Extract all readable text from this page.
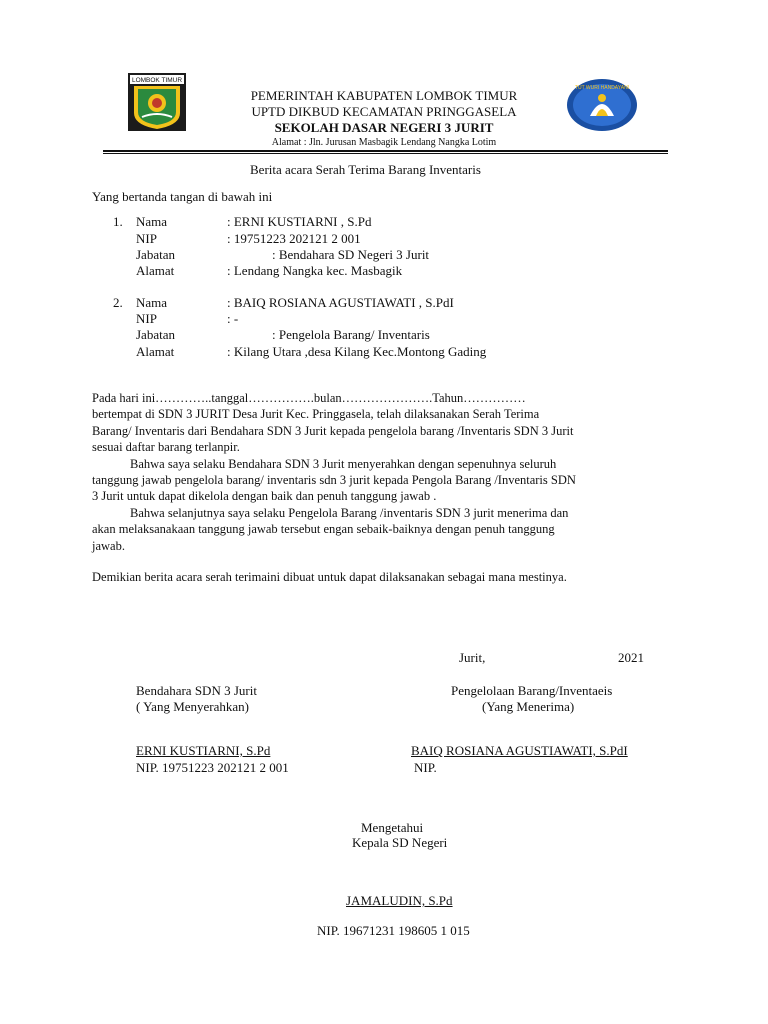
LOMBOK TIMUR
TUT WURI HANDAYANI
PEMERINTAH KABUPATEN LOMBOK TIMUR
UPTD DIKBUD KECAMATAN PRINGGASELA
SEKOLAH DASAR NEGERI 3 JURIT
Alamat : Jln. Jurusan Masbagik Lendang Nangka Lotim
Berita acara Serah Terima Barang Inventaris
Yang bertanda tangan di bawah ini
1. Nama	: ERNI KUSTIARNI , S.Pd
NIP	: 19751223 202121 2 001
Jabatan	: Bendahara SD Negeri 3 Jurit
Alamat	: Lendang Nangka kec. Masbagik
2. Nama	: BAIQ ROSIANA AGUSTIAWATI , S.PdI
NIP	: -
Jabatan	: Pengelola Barang/ Inventaris
Alamat	: Kilang Utara ,desa Kilang Kec.Montong Gading
Pada hari ini…………..tanggal…………….bulan………………….Tahun……………
bertempat di SDN 3 JURIT Desa Jurit Kec. Pringgasela, telah dilaksanakan Serah Terima
Barang/ Inventaris dari Bendahara SDN 3 Jurit kepada pengelola barang /Inventaris SDN 3 Jurit
sesuai daftar barang terlanpir.
Bahwa saya selaku Bendahara SDN 3 Jurit menyerahkan dengan sepenuhnya seluruh
tanggung jawab pengelola barang/ inventaris sdn 3 jurit kepada Pengola Barang /Inventaris SDN
3 Jurit untuk dapat dikelola dengan baik dan penuh tanggung jawab .
Bahwa selanjutnya saya selaku Pengelola Barang /inventaris SDN 3 jurit menerima dan
akan melaksanakaan tanggung jawab tersebut engan sebaik-baiknya dengan penuh tanggung
jawab.
Demikian berita acara serah terimaini dibuat untuk dapat dilaksanakan sebagai mana mestinya.
Jurit,	2021
Bendahara SDN 3 Jurit
( Yang Menyerahkan)
ERNI KUSTIARNI, S.Pd
NIP. 19751223 202121 2 001
Pengelolaan Barang/Inventaeis
(Yang Menerima)
BAIQ ROSIANA AGUSTIAWATI, S.PdI
NIP.
Mengetahui
Kepala SD Negeri
JAMALUDIN, S.Pd
NIP. 19671231 198605 1 015
